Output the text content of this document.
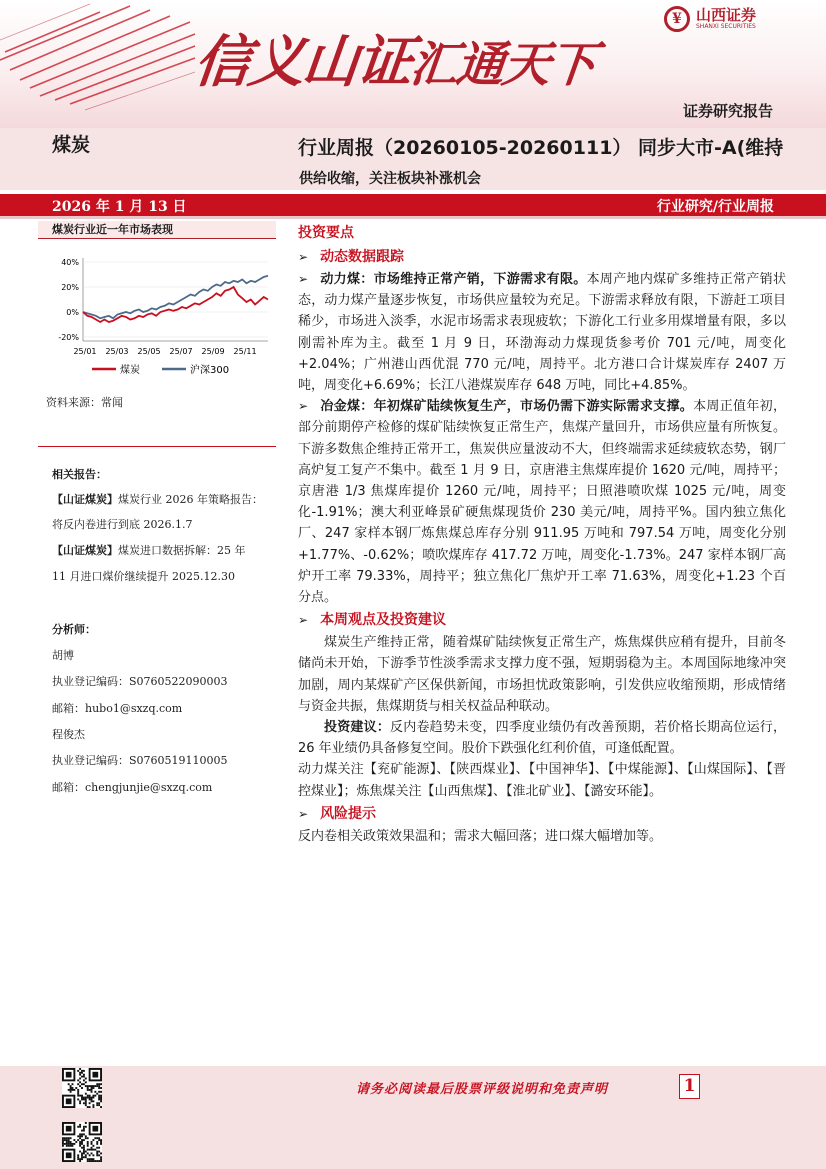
信义山证汇通天下
¥ 山西证券
SHANXI SECURITIES
证券研究报告
煤炭	行业周报（20260105-20260111） 同步大市-A(维持
供给收缩，关注板块补涨机会
2026 年 1 月 13 日	行业研究/行业周报
煤炭行业近一年市场表现
40%
20%
0%
-20%
25/01 25/03 25/05 25/07 25/09 25/11
煤炭	沪深300
资料来源：常闻
相关报告：
【山证煤炭】煤炭行业 2026 年策略报告：
将反内卷进行到底 2026.1.7
【山证煤炭】煤炭进口数据拆解：25 年
11 月进口煤价继续提升 2025.12.30
分析师：
胡博
执业登记编码：S0760522090003
邮箱：hubo1@sxzq.com
程俊杰
执业登记编码：S0760519110005
邮箱：chengjunjie@sxzq.com
投资要点
➢ 动态数据跟踪

➢ 动力煤：市场维持正常产销，下游需求有限。本周产地内煤矿多维持正常产销状态，动力煤产量逐步恢复，市场供应量较为充足。下游需求释放有限，下游赶工项目稀少，市场进入淡季，水泥市场需求表现疲软；下游化工行业多用煤增量有限，多以刚需补库为主。截至 1 月 9 日，环渤海动力煤现货参考价 701 元/吨，周变化+2.04%；广州港山西优混 770 元/吨，周持平。北方港口合计煤炭库存 2407 万吨，周变化+6.69%；长江八港煤炭库存 648 万吨，同比+4.85%。

➢ 冶金煤：年初煤矿陆续恢复生产，市场仍需下游实际需求支撑。本周正值年初，部分前期停产检修的煤矿陆续恢复正常生产，焦煤产量回升，市场供应量有所恢复。下游多数焦企维持正常开工，焦炭供应量波动不大，但终端需求延续疲软态势，钢厂高炉复工复产不集中。截至 1 月 9 日，京唐港主焦煤库提价 1620 元/吨，周持平；京唐港 1/3 焦煤库提价 1260 元/吨，周持平；日照港喷吹煤 1025 元/吨，周变化-1.91%；澳大利亚峰景矿硬焦煤现货价 230 美元/吨，周持平%。国内独立焦化厂、247 家样本钢厂炼焦煤总库存分别 911.95 万吨和 797.54 万吨，周变化分别+1.77%、-0.62%；喷吹煤库存 417.72 万吨，周变化-1.73%。247 家样本钢厂高炉开工率 79.33%，周持平；独立焦化厂焦炉开工率 71.63%，周变化+1.23 个百分点。

➢ 本周观点及投资建议

煤炭生产维持正常，随着煤矿陆续恢复正常生产，炼焦煤供应稍有提升，目前冬储尚未开始，下游季节性淡季需求支撑力度不强，短期弱稳为主。本周国际地缘冲突加剧，周内某煤矿产区保供新闻，市场担忧政策影响，引发供应收缩预期，形成情绪与资金共振，焦煤期货与相关权益品种联动。

投资建议：反内卷趋势未变，四季度业绩仍有改善预期，若价格长期高位运行，26 年业绩仍具备修复空间。股价下跌强化红利价值，可逢低配置。

动力煤关注【兖矿能源】、【陕西煤业】、【中国神华】、【中煤能源】、【山煤国际】、【晋控煤业】；炼焦煤关注【山西焦煤】、【淮北矿业】、【潞安环能】。

➢ 风险提示

反内卷相关政策效果温和；需求大幅回落；进口煤大幅增加等。

请务必阅读最后股票评级说明和免责声明	1
